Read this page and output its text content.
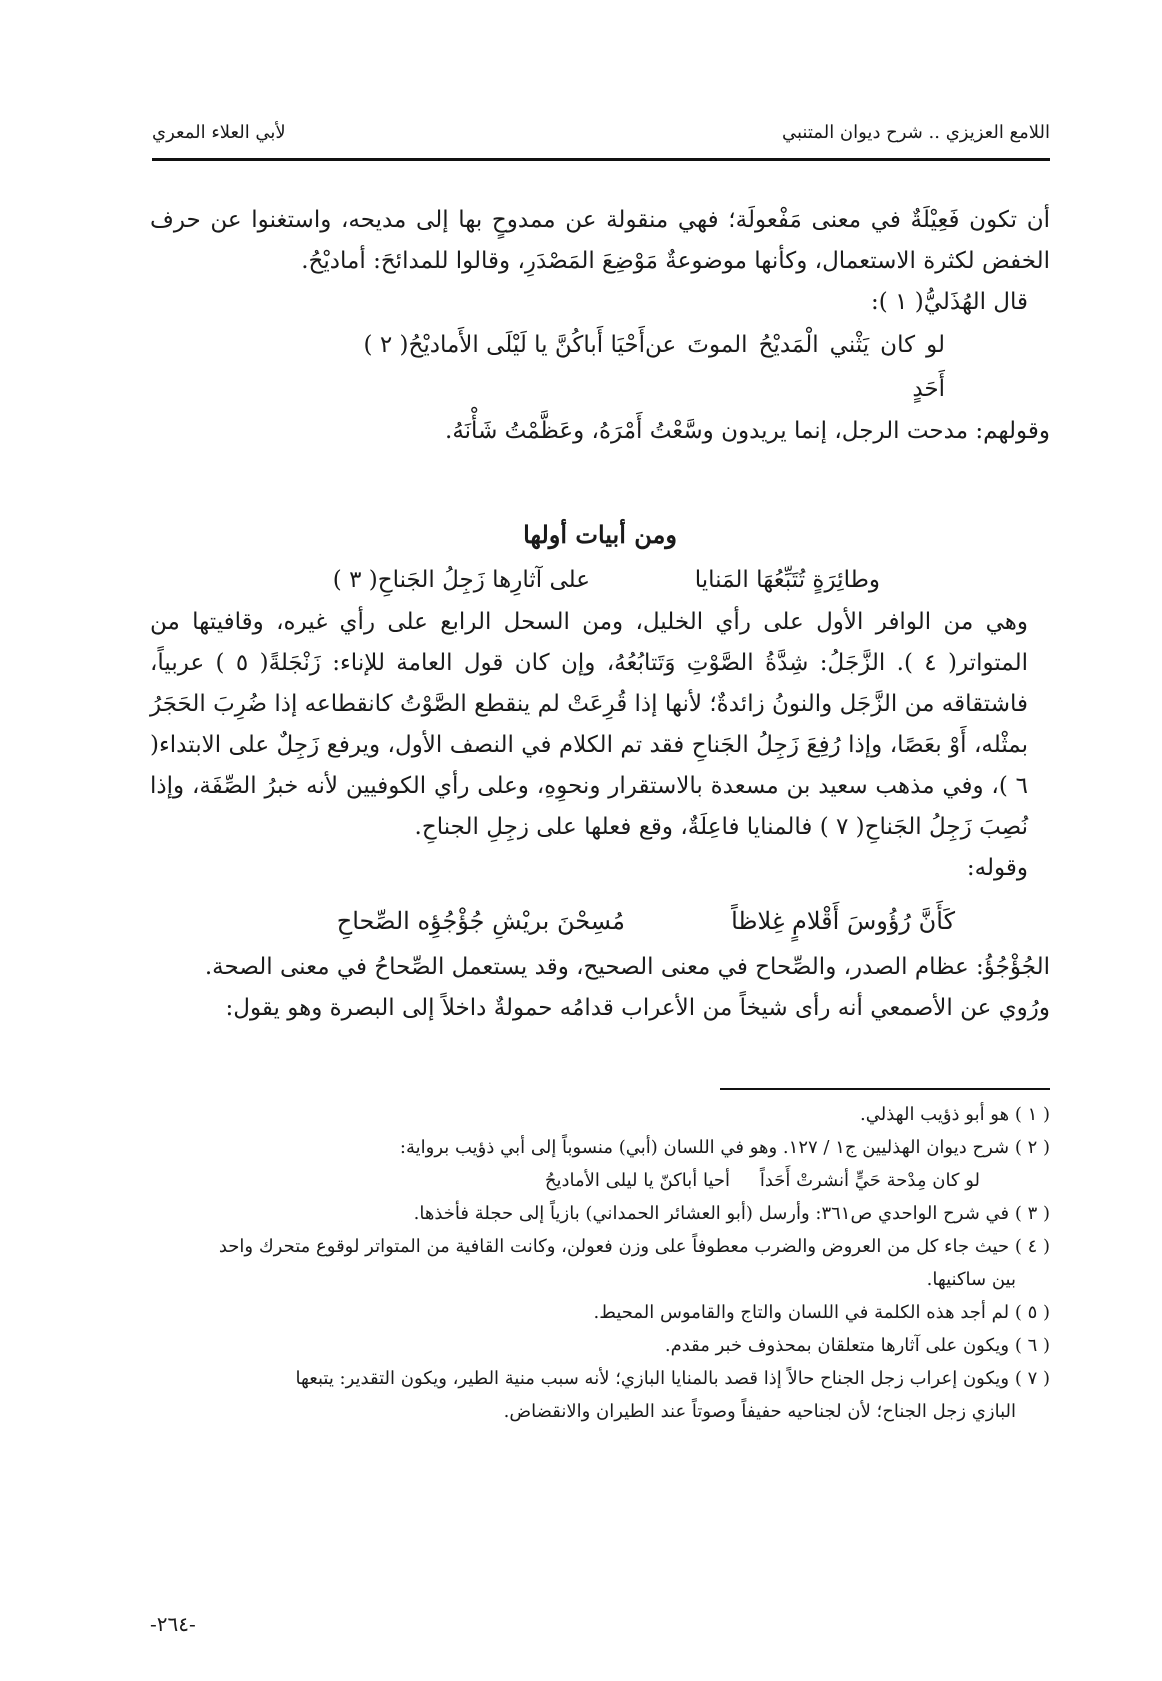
اللامع العزيزي .. شرح ديوان المتنبي
لأبي العلاء المعري

أن تكون فَعِيْلَةٌ في معنى مَفْعولَة؛ فهي منقولة عن ممدوحٍ بها إلى مديحه، واستغنوا عن حرف الخفض لكثرة الاستعمال، وكأنها موضوعةٌ مَوْضِعَ المَصْدَرِ، وقالوا للمدائحَ: أماديْحُ.

قال الهُذَليُّ( ١ ):

لو كان يَثْني الْمَديْحُ الموتَ عن أَحَدٍ
أَحْيَا أَباكُنَّ يا لَيْلَى الأَماديْحُ( ٢ )

وقولهم: مدحت الرجل، إنما يريدون وسَّعْتُ أَمْرَهُ، وعَظَّمْتُ شَأْنَهُ.

ومن أبيات أولها
وطائِرَةٍ تُتَبِّعُهَا المَنايا
على آثارِها زَجِلُ الجَناحِ( ٣ )

وهي من الوافر الأول على رأي الخليل، ومن السحل الرابع على رأي غيره، وقافيتها من المتواتر( ٤ ). الزَّجَلُ: شِدَّةُ الصَّوْتِ وَتَتابُعُهُ، وإن كان قول العامة للإناء: زَنْجَلةً( ٥ ) عربياً، فاشتقاقه من الزَّجَل والنونُ زائدةٌ؛ لأنها إذا قُرِعَتْ لم ينقطع الصَّوْتُ كانقطاعه إذا ضُرِبَ الحَجَرُ بمثْله، أَوْ بعَصًا، وإذا رُفِعَ زَجِلُ الجَناحِ فقد تم الكلام في النصف الأول، ويرفع زَجِلٌ على الابتداء( ٦ )، وفي مذهب سعيد بن مسعدة بالاستقرار ونحوِهِ، وعلى رأي الكوفيين لأنه خبرُ الصِّفَة، وإذا نُصِبَ زَجِلُ الجَناحِ( ٧ ) فالمنايا فاعِلَةٌ، وقع فعلها على زجِلِ الجناحِ.

وقوله:

كَأَنَّ رُؤُوسَ أَقْلامٍ غِلاظاً
مُسِحْنَ بريْشِ جُؤْجُؤِه الصِّحاحِ

الجُؤْجُؤُ: عظام الصدر، والصِّحاح في معنى الصحيح، وقد يستعمل الصِّحاحُ في معنى الصحة.

ورُوي عن الأصمعي أنه رأى شيخاً من الأعراب قدامُه حمولةٌ داخلاً إلى البصرة وهو يقول:

( ١ ) هو أبو ذؤيب الهذلي.

( ٢ ) شرح ديوان الهذليين ج١ / ١٢٧. وهو في اللسان (أبي) منسوباً إلى أبي ذؤيب برواية:

لو كان مِدْحة حَيٍّ أنشرتْ أَحَداً
أحيا أباكنّ يا ليلى الأماديحُ

( ٣ ) في شرح الواحدي ص٣٦١: وأرسل (أبو العشائر الحمداني) بازياً إلى حجلة فأخذها.

( ٤ ) حيث جاء كل من العروض والضرب معطوفاً على وزن فعولن، وكانت القافية من المتواتر لوقوع متحرك واحد

بين ساكنيها.

( ٥ ) لم أجد هذه الكلمة في اللسان والتاج والقاموس المحيط.

( ٦ ) ويكون على آثارها متعلقان بمحذوف خبر مقدم.

( ٧ ) ويكون إعراب زجل الجناح حالاً إذا قصد بالمنايا البازي؛ لأنه سبب منية الطير، ويكون التقدير: يتبعها

البازي زجل الجناح؛ لأن لجناحيه حفيفاً وصوتاً عند الطيران والانقضاض.

-٢٦٤-
